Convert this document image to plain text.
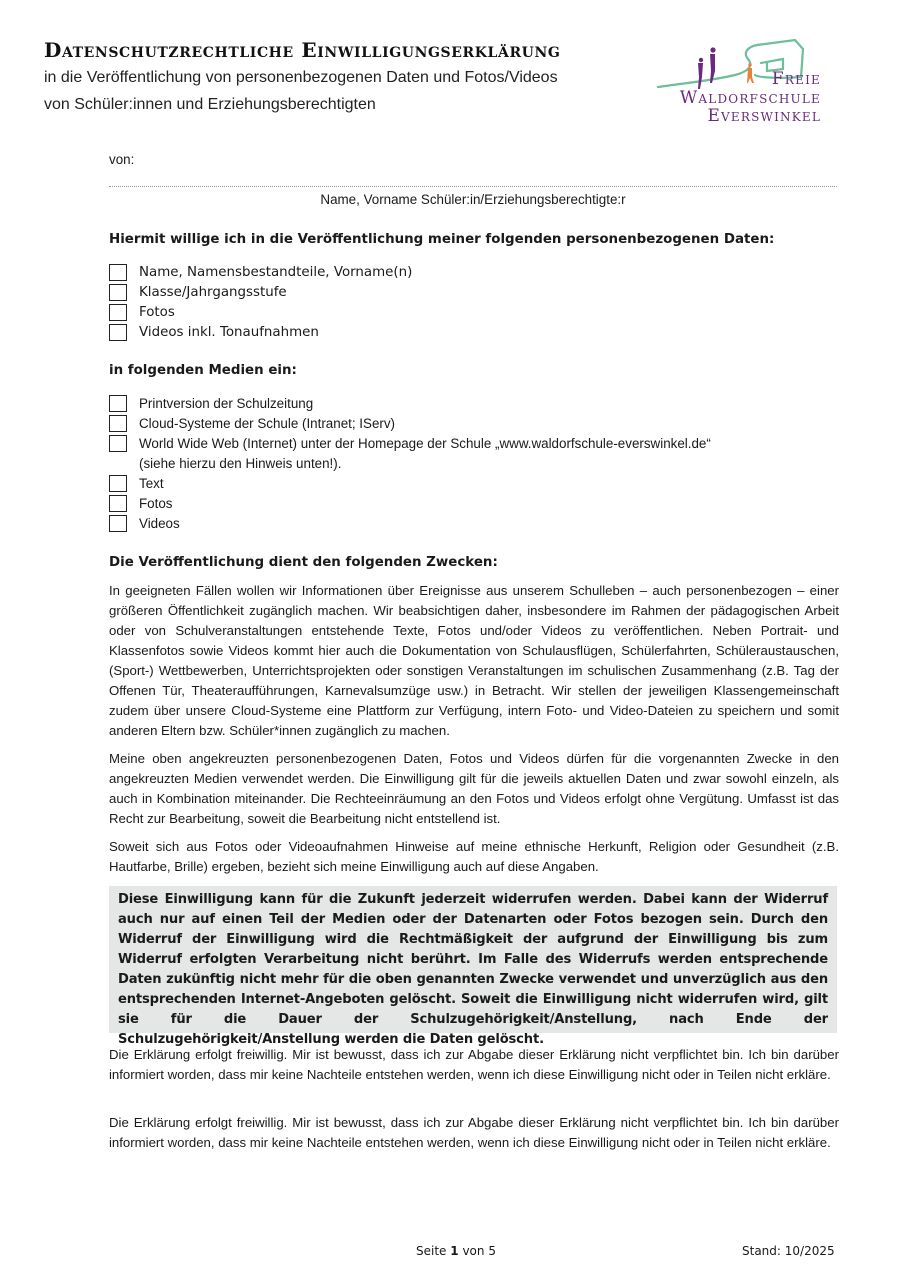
Datenschutzrechtliche Einwilligungserklärung
in die Veröffentlichung von personenbezogenen Daten und Fotos/Videos
von Schüler:innen und Erziehungsberechtigten
Freie
Waldorfschule
Everswinkel
von:
Name, Vorname Schüler:in/Erziehungsberechtigte:r
Hiermit willige ich in die Veröffentlichung meiner folgenden personenbezogenen Daten:
Name, Namensbestandteile, Vorname(n)
Klasse/Jahrgangsstufe
Fotos
Videos inkl. Tonaufnahmen
in folgenden Medien ein:
Printversion der Schulzeitung
Cloud-Systeme der Schule (Intranet; IServ)
World Wide Web (Internet) unter der Homepage der Schule „www.waldorfschule-everswinkel.de“
(siehe hierzu den Hinweis unten!).
Text
Fotos
Videos
Die Veröffentlichung dient den folgenden Zwecken:
In geeigneten Fällen wollen wir Informationen über Ereignisse aus unserem Schulleben – auch personenbezogen – einer größeren Öffentlichkeit zugänglich machen. Wir beabsichtigen daher, insbesondere im Rahmen der pädagogischen Arbeit oder von Schulveranstaltungen entstehende Texte, Fotos und/oder Videos zu veröffentlichen. Neben Portrait- und Klassenfotos sowie Videos kommt hier auch die Dokumentation von Schulausflügen, Schülerfahrten, Schüleraustauschen, (Sport-) Wettbewerben, Unterrichtsprojekten oder sonstigen Veranstaltungen im schulischen Zusammenhang (z.B. Tag der Offenen Tür, Theateraufführungen, Karnevalsumzüge usw.) in Betracht. Wir stellen der jeweiligen Klassengemeinschaft zudem über unsere Cloud-Systeme eine Plattform zur Verfügung, intern Foto- und Video-Dateien zu speichern und somit anderen Eltern bzw. Schüler*innen zugänglich zu machen.
Meine oben angekreuzten personenbezogenen Daten, Fotos und Videos dürfen für die vorgenannten Zwecke in den angekreuzten Medien verwendet werden. Die Einwilligung gilt für die jeweils aktuellen Daten und zwar sowohl einzeln, als auch in Kombination miteinander. Die Rechteeinräumung an den Fotos und Videos erfolgt ohne Vergütung. Umfasst ist das Recht zur Bearbeitung, soweit die Bearbeitung nicht entstellend ist.
Soweit sich aus Fotos oder Videoaufnahmen Hinweise auf meine ethnische Herkunft, Religion oder Gesundheit (z.B. Hautfarbe, Brille) ergeben, bezieht sich meine Einwilligung auch auf diese Angaben.
Diese Einwilligung kann für die Zukunft jederzeit widerrufen werden. Dabei kann der Widerruf auch nur auf einen Teil der Medien oder der Datenarten oder Fotos bezogen sein. Durch den Widerruf der Einwilligung wird die Rechtmäßigkeit der aufgrund der Einwilligung bis zum Widerruf erfolgten Verarbeitung nicht berührt. Im Falle des Widerrufs werden entsprechende Daten zukünftig nicht mehr für die oben genannten Zwecke verwendet und unverzüglich aus den entsprechenden Internet-Angeboten gelöscht. Soweit die Einwilligung nicht widerrufen wird, gilt sie für die Dauer der Schulzugehörigkeit/Anstellung, nach Ende der Schulzugehörigkeit/Anstellung werden die Daten gelöscht.
Die Erklärung erfolgt freiwillig. Mir ist bewusst, dass ich zur Abgabe dieser Erklärung nicht verpflichtet bin. Ich bin darüber informiert worden, dass mir keine Nachteile entstehen werden, wenn ich diese Einwilligung nicht oder in Teilen nicht erkläre.
Die Erklärung erfolgt freiwillig. Mir ist bewusst, dass ich zur Abgabe dieser Erklärung nicht verpflichtet bin. Ich bin darüber informiert worden, dass mir keine Nachteile entstehen werden, wenn ich diese Einwilligung nicht oder in Teilen nicht erkläre.
Seite 1 von 5	Stand: 10/2025
